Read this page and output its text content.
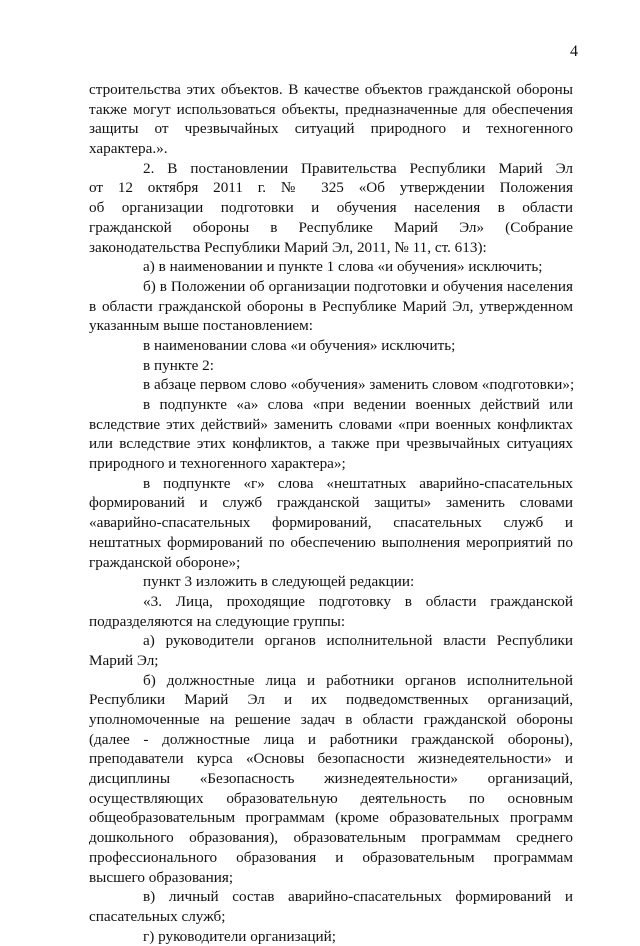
4
строительства этих объектов. В качестве объектов гражданской обороны
также могут использоваться объекты, предназначенные для обеспечения
защиты от чрезвычайных ситуаций природного и техногенного
характера.».
2. В постановлении Правительства Республики Марий Эл
от 12 октября 2011 г. № 325 «Об утверждении Положения
об организации подготовки и обучения населения в области
гражданской обороны в Республике Марий Эл» (Собрание
законодательства Республики Марий Эл, 2011, № 11, ст. 613):
а) в наименовании и пункте 1 слова «и обучения» исключить;
б) в Положении об организации подготовки и обучения населения
в области гражданской обороны в Республике Марий Эл, утвержденном
указанным выше постановлением:
в наименовании слова «и обучения» исключить;
в пункте 2:
в абзаце первом слово «обучения» заменить словом «подготовки»;
в подпункте «а» слова «при ведении военных действий или
вследствие этих действий» заменить словами «при военных конфликтах
или вследствие этих конфликтов, а также при чрезвычайных ситуациях
природного и техногенного характера»;
в подпункте «г» слова «нештатных аварийно-спасательных
формирований и служб гражданской защиты» заменить словами
«аварийно-спасательных формирований, спасательных служб и
нештатных формирований по обеспечению выполнения мероприятий по
гражданской обороне»;
пункт 3 изложить в следующей редакции:
«3. Лица, проходящие подготовку в области гражданской
подразделяются на следующие группы:
а) руководители органов исполнительной власти Республики
Марий Эл;
б) должностные лица и работники органов исполнительной
Республики Марий Эл и их подведомственных организаций,
уполномоченные на решение задач в области гражданской обороны
(далее - должностные лица и работники гражданской обороны),
преподаватели курса «Основы безопасности жизнедеятельности» и
дисциплины «Безопасность жизнедеятельности» организаций,
осуществляющих образовательную деятельность по основным
общеобразовательным программам (кроме образовательных программ
дошкольного образования), образовательным программам среднего
профессионального образования и образовательным программам
высшего образования;
в) личный состав аварийно-спасательных формирований и
спасательных служб;
г) руководители организаций;
